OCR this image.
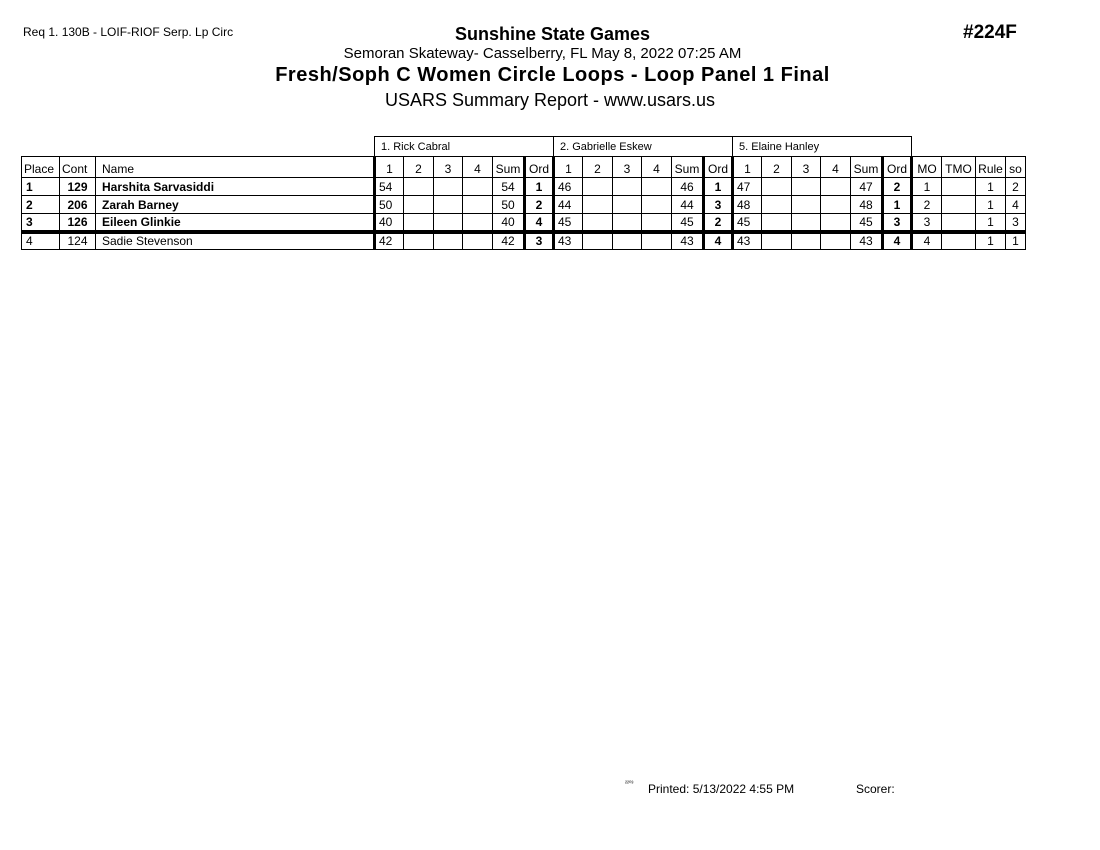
Req 1. 130B - LOIF-RIOF Serp. Lp Circ	#224F
Sunshine State Games
Semoran Skateway- Casselberry, FL May 8, 2022 07:25 AM
Fresh/Soph C Women Circle Loops - Loop Panel 1 Final
USARS Summary Report - www.usars.us
			1. Rick Cabral						2. Gabrielle Eskew						5. Elaine Hanley									
Place	Cont	Name	1	2	3	4	Sum	Ord	1	2	3	4	Sum	Ord	1	2	3	4	Sum	Ord	MO	TMO	Rule	so
1	129	Harshita Sarvasiddi	54				54	1	46				46	1	47				47	2	1		1	2
2	206	Zarah Barney	50				50	2	44				44	3	48				48	1	2		1	4
3	126	Eileen Glinkie	40				40	4	45				45	2	45				45	3	3		1	3
4	124	Sadie Stevenson	42				42	3	43				43	4	43				43	4	4		1	1
²²⁰³ Printed: 5/13/2022 4:55 PM	Scorer:
